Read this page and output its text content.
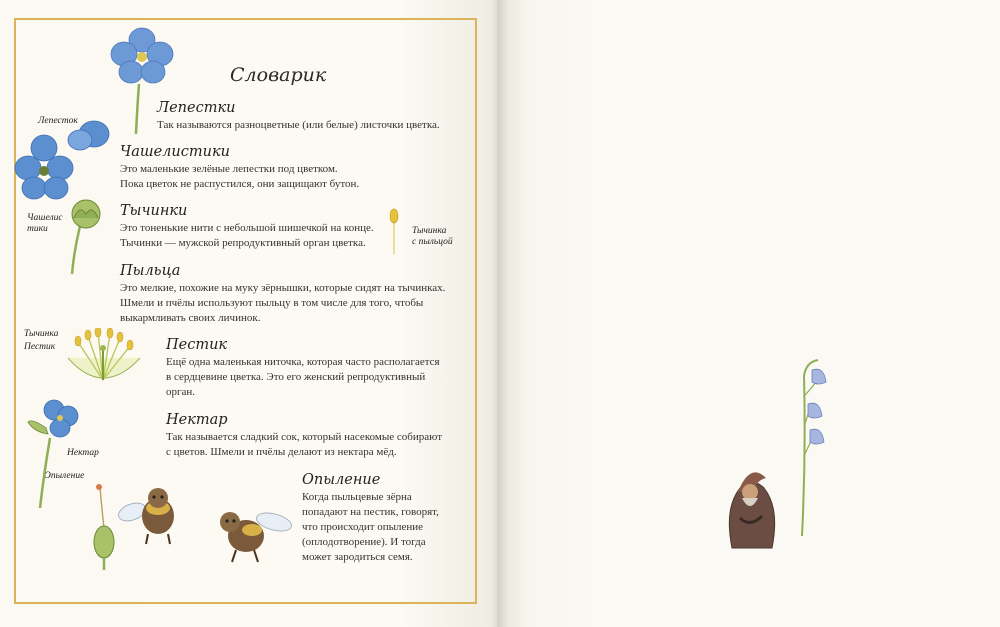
Словарик

Лепестки

Так называются разноцветные (или белые) листочки цветка.

Чашелистики

Это маленькие зелёные лепестки под цветком.
Пока цветок не распустился, они защищают бутон.

Тычинки

Это тоненькие нити с небольшой шишечкой на конце.
Тычинки — мужской репродуктивный орган цветка.

Пыльца

Это мелкие, похожие на муку зёрнышки, которые сидят на тычинках.
Шмели и пчёлы используют пыльцу в том числе для того, чтобы
выкармливать своих личинок.

Пестик

Ещё одна маленькая ниточка, которая часто располагается
в сердцевине цветка. Это его женский репродуктивный
орган.

Нектар

Так называется сладкий сок, который насекомые собирают
с цветов. Шмели и пчёлы делают из нектара мёд.

Опыление

Когда пыльцевые зёрна
попадают на пестик, говорят,
что происходит опыление
(оплодотворение). И тогда
может зародиться семя.

Лепесток
Чашелис
тики	Тычинка
с пыльцой
Тычинка
Пестик
Нектар
Опыление
